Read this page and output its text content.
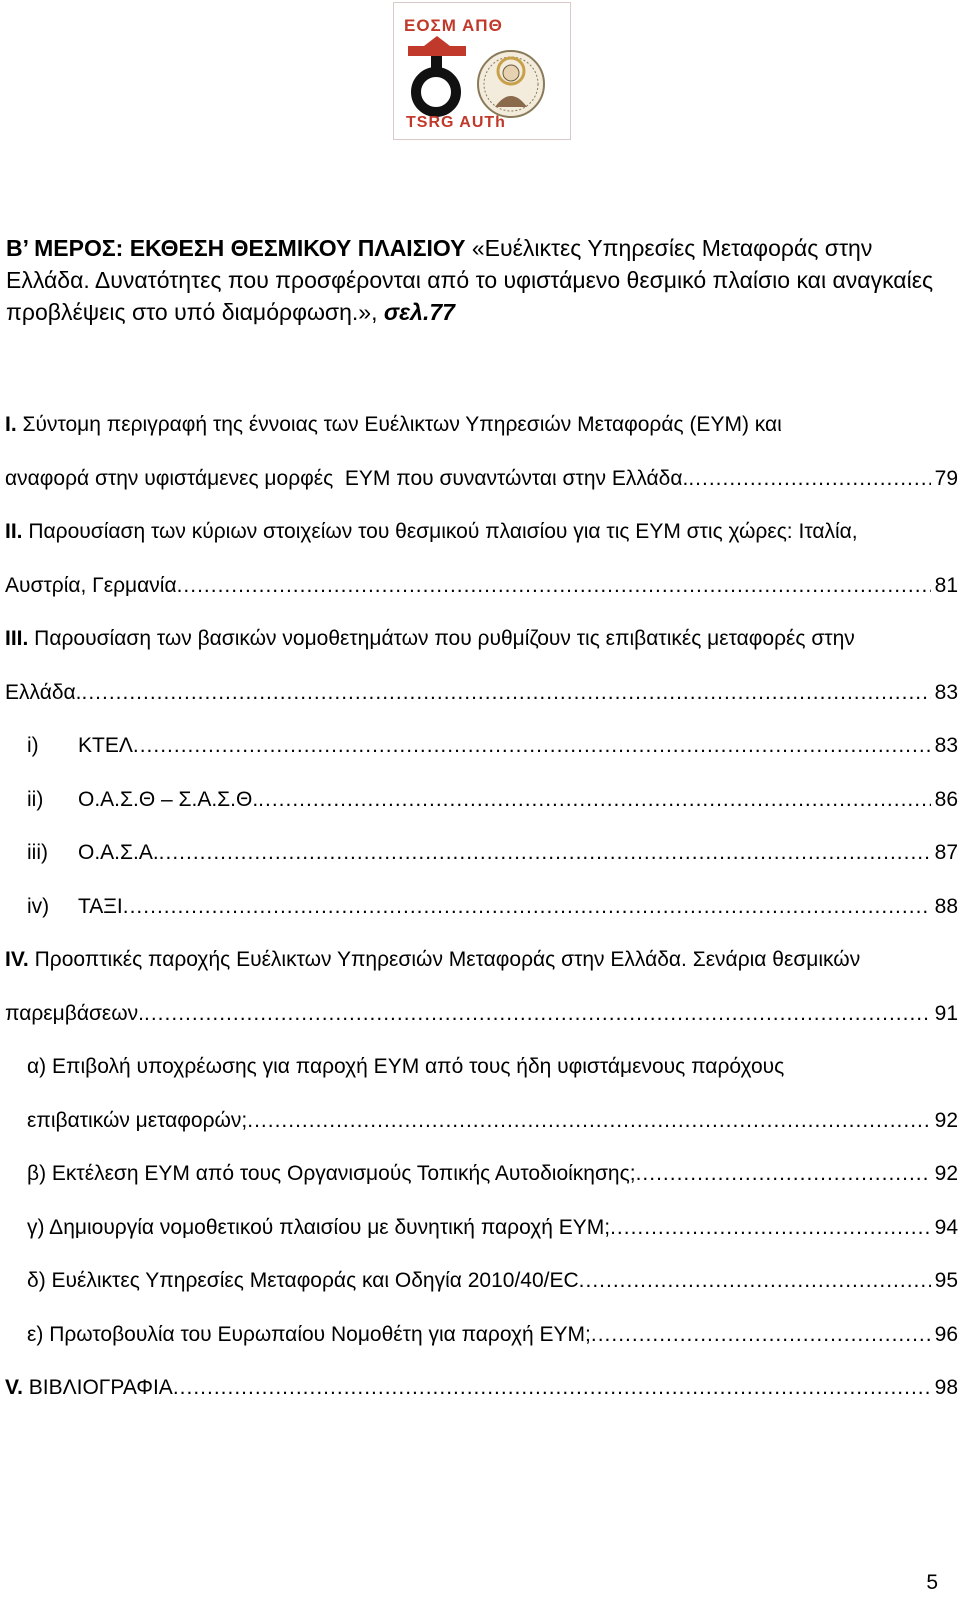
ΕΟΣΜ ΑΠΘ
TSRG AUTh

Β’ ΜΕΡΟΣ: ΕΚΘΕΣΗ ΘΕΣΜΙΚΟΥ ΠΛΑΙΣΙΟΥ «Ευέλικτες Υπηρεσίες Μεταφοράς στην Ελλάδα. Δυνατότητες που προσφέρονται από το υφιστάμενο θεσμικό πλαίσιο και αναγκαίες προβλέψεις στο υπό διαμόρφωση.», σελ.77

I. Σύντομη περιγραφή της έννοιας των Ευέλικτων Υπηρεσιών Μεταφοράς (ΕΥΜ) και
αναφορά στην υφιστάμενες μορφές  ΕΥΜ που συναντώνται στην Ελλάδα. .....	79
II. Παρουσίαση των κύριων στοιχείων του θεσμικού πλαισίου για τις ΕΥΜ στις χώρες: Ιταλία,
Αυστρία, Γερμανία .....	81
III. Παρουσίαση των βασικών νομοθετημάτων που ρυθμίζουν τις επιβατικές μεταφορές στην
Ελλάδα. .....	83
i)	ΚΤΕΛ .....	83
ii)	Ο.Α.Σ.Θ – Σ.Α.Σ.Θ. .....	86
iii)	Ο.Α.Σ.Α. .....	87
iv)	ΤΑΞΙ .....	88
IV. Προοπτικές παροχής Ευέλικτων Υπηρεσιών Μεταφοράς στην Ελλάδα. Σενάρια θεσμικών
παρεμβάσεων. .....	91
α) Επιβολή υποχρέωσης για παροχή ΕΥΜ από τους ήδη υφιστάμενους παρόχους
επιβατικών μεταφορών; .....	92
β) Εκτέλεση ΕΥΜ από τους Οργανισμούς Τοπικής Αυτοδιοίκησης; .....	92
γ) Δημιουργία νομοθετικού πλαισίου με δυνητική παροχή ΕΥΜ; .....	94
δ) Ευέλικτες Υπηρεσίες Μεταφοράς και Οδηγία 2010/40/ΕC .....	95
ε) Πρωτοβουλία του Ευρωπαίου Νομοθέτη για παροχή ΕΥΜ; .....	96
V. ΒΙΒΛΙΟΓΡΑΦΙΑ .....	98
5
